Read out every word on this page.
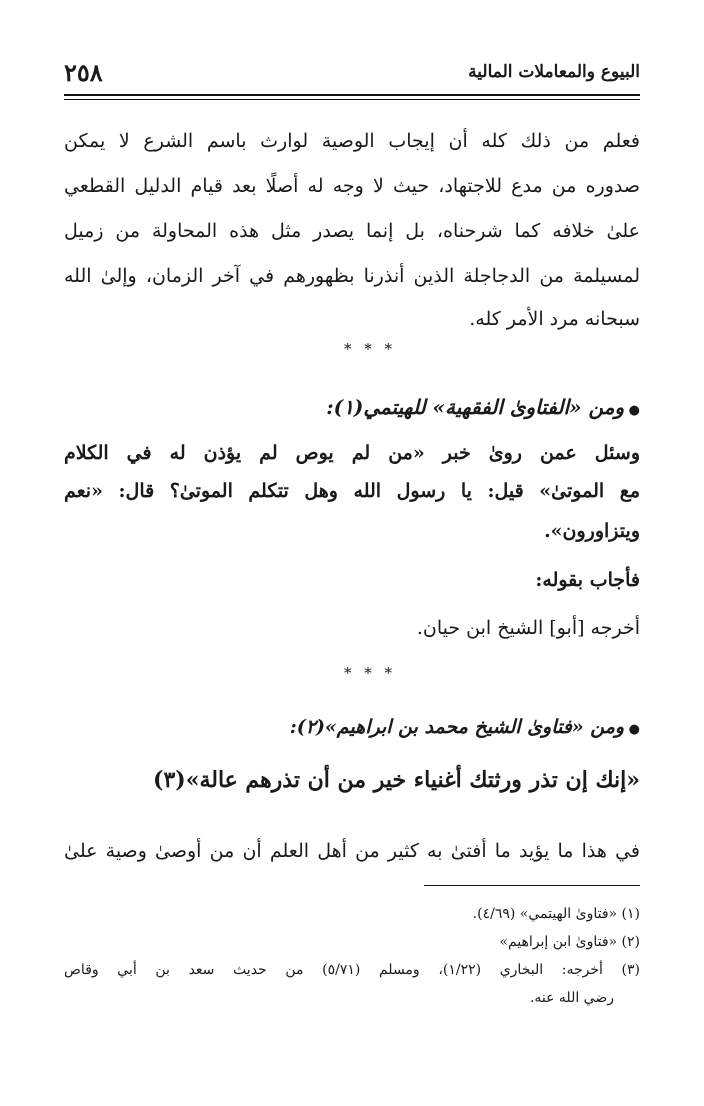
البيوع والمعاملات المالية
٢٥٨
فعلم من ذلك كله أن إيجاب الوصية لوارث باسم الشرع لا يمكن
صدوره من مدع للاجتهاد، حيث لا وجه له أصلًا بعد قيام الدليل القطعي
علىٰ خلافه كما شرحناه، بل إنما يصدر مثل هذه المحاولة من زميل
لمسيلمة من الدجاجلة الذين أنذرنا بظهورهم في آخر الزمان، وإلىٰ الله
سبحانه مرد الأمر كله.
* * *
● ومن «الفتاوىٰ الفقهية» للهيتمي(١):
وسئل عمن روىٰ خبر «من لم يوص لم يؤذن له في الكلام
مع الموتىٰ» قيل: يا رسول الله وهل تتكلم الموتىٰ؟ قال: «نعم
ويتزاورون».
فأجاب بقوله:
أخرجه [أبو] الشيخ ابن حيان.
* * *
● ومن «فتاوىٰ الشيخ محمد بن ابراهيم»(٢):
«إنك إن تذر ورثتك أغنياء خير من أن تذرهم عالة»(٣)
في هذا ما يؤيد ما أفتىٰ به كثير من أهل العلم أن من أوصىٰ وصية علىٰ
(١) «فتاوىٰ الهيتمي» (٤/٦٩).
(٢) «فتاوىٰ ابن إبراهيم»
(٣) أخرجه: البخاري (١/٢٢)، ومسلم (٥/٧١) من حديث سعد بن أبي وقاص
رضي الله عنه.
